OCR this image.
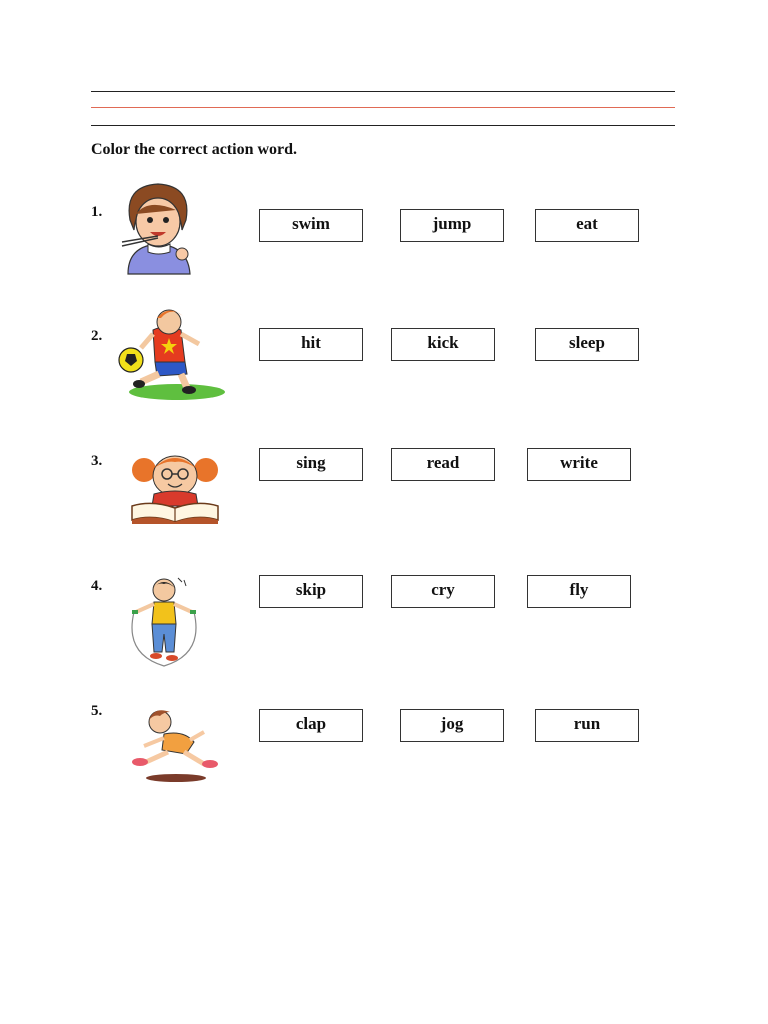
Color the correct action word.

1.
swim	jump	eat
2.	hit	kick	sleep
3.	sing	read	write
4.	skip	cry	fly
5.
clap	jog	run
